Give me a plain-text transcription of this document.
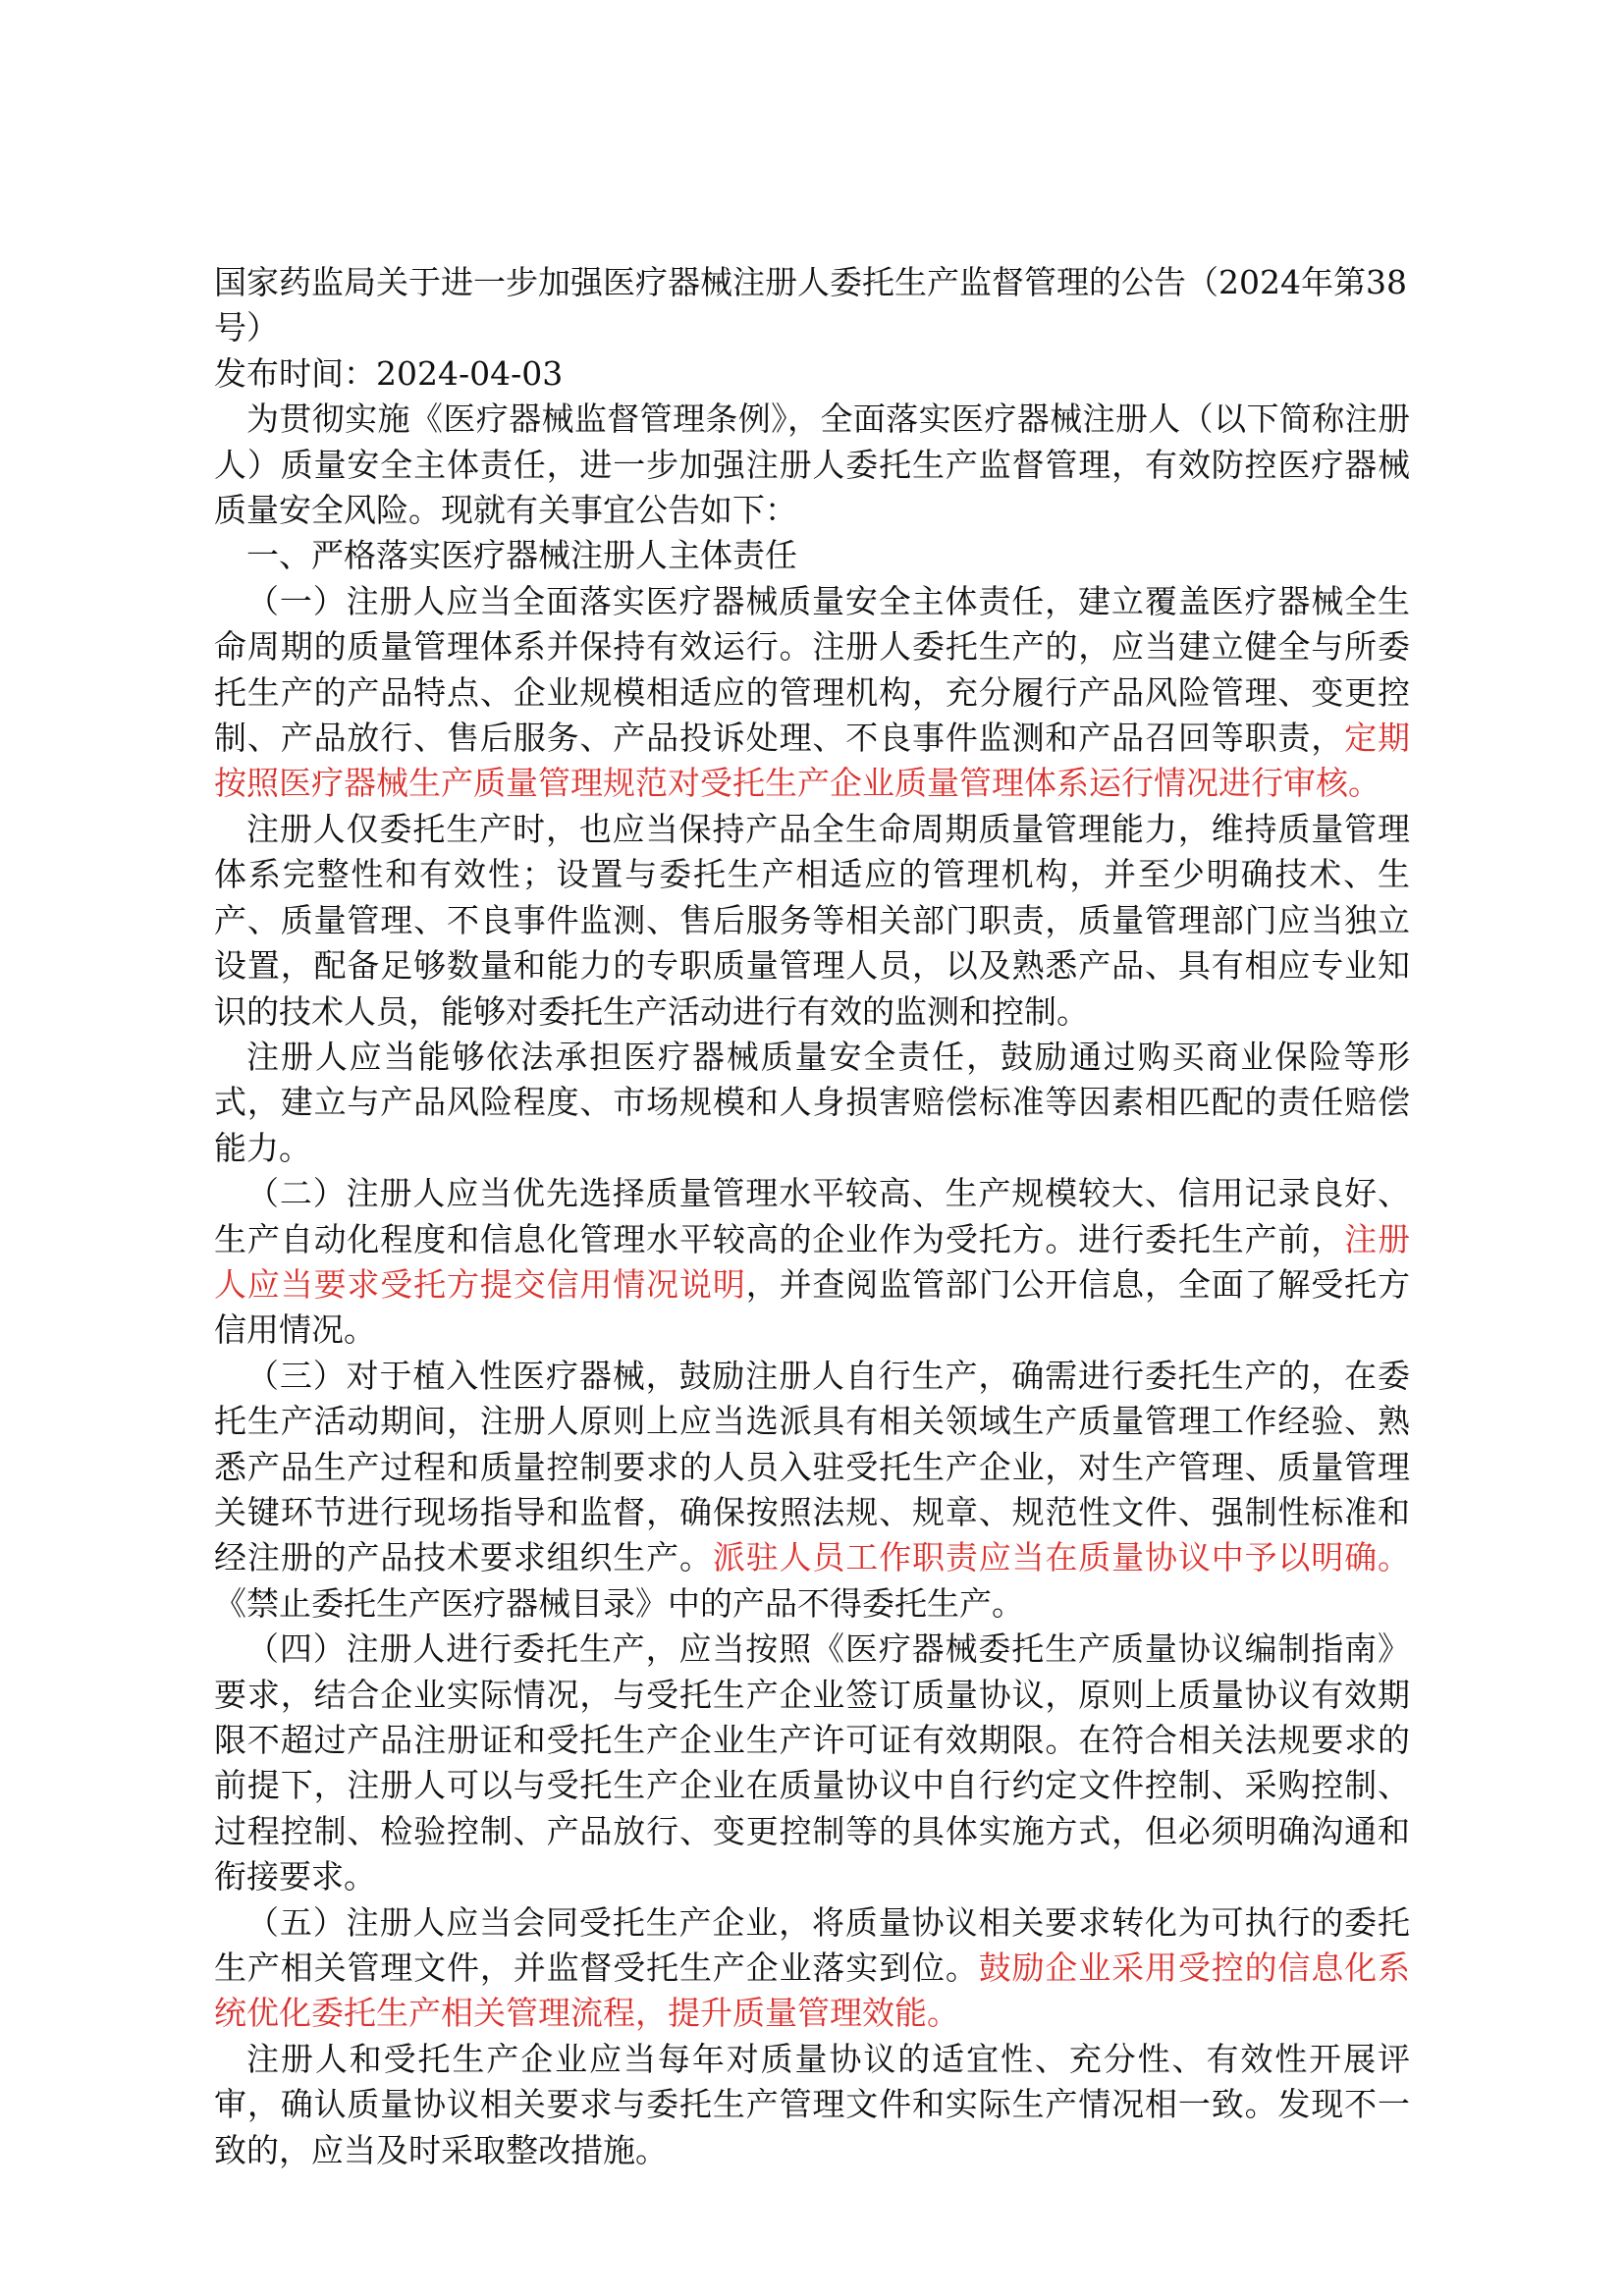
国家药监局关于进一步加强医疗器械注册人委托生产监督管理的公告（2024年第38号）

发布时间：2024-04-03

为贯彻实施《医疗器械监督管理条例》，全面落实医疗器械注册人（以下简称注册人）质量安全主体责任，进一步加强注册人委托生产监督管理，有效防控医疗器械质量安全风险。现就有关事宜公告如下：

一、严格落实医疗器械注册人主体责任

（一）注册人应当全面落实医疗器械质量安全主体责任，建立覆盖医疗器械全生命周期的质量管理体系并保持有效运行。注册人委托生产的，应当建立健全与所委托生产的产品特点、企业规模相适应的管理机构，充分履行产品风险管理、变更控制、产品放行、售后服务、产品投诉处理、不良事件监测和产品召回等职责，定期按照医疗器械生产质量管理规范对受托生产企业质量管理体系运行情况进行审核。

注册人仅委托生产时，也应当保持产品全生命周期质量管理能力，维持质量管理体系完整性和有效性；设置与委托生产相适应的管理机构，并至少明确技术、生产、质量管理、不良事件监测、售后服务等相关部门职责，质量管理部门应当独立设置，配备足够数量和能力的专职质量管理人员，以及熟悉产品、具有相应专业知识的技术人员，能够对委托生产活动进行有效的监测和控制。

注册人应当能够依法承担医疗器械质量安全责任，鼓励通过购买商业保险等形式，建立与产品风险程度、市场规模和人身损害赔偿标准等因素相匹配的责任赔偿能力。

（二）注册人应当优先选择质量管理水平较高、生产规模较大、信用记录良好、生产自动化程度和信息化管理水平较高的企业作为受托方。进行委托生产前，注册人应当要求受托方提交信用情况说明，并查阅监管部门公开信息，全面了解受托方信用情况。

（三）对于植入性医疗器械，鼓励注册人自行生产，确需进行委托生产的，在委托生产活动期间，注册人原则上应当选派具有相关领域生产质量管理工作经验、熟悉产品生产过程和质量控制要求的人员入驻受托生产企业，对生产管理、质量管理关键环节进行现场指导和监督，确保按照法规、规章、规范性文件、强制性标准和经注册的产品技术要求组织生产。派驻人员工作职责应当在质量协议中予以明确。《禁止委托生产医疗器械目录》中的产品不得委托生产。

（四）注册人进行委托生产，应当按照《医疗器械委托生产质量协议编制指南》要求，结合企业实际情况，与受托生产企业签订质量协议，原则上质量协议有效期限不超过产品注册证和受托生产企业生产许可证有效期限。在符合相关法规要求的前提下，注册人可以与受托生产企业在质量协议中自行约定文件控制、采购控制、过程控制、检验控制、产品放行、变更控制等的具体实施方式，但必须明确沟通和衔接要求。

（五）注册人应当会同受托生产企业，将质量协议相关要求转化为可执行的委托生产相关管理文件，并监督受托生产企业落实到位。鼓励企业采用受控的信息化系统优化委托生产相关管理流程，提升质量管理效能。

注册人和受托生产企业应当每年对质量协议的适宜性、充分性、有效性开展评审，确认质量协议相关要求与委托生产管理文件和实际生产情况相一致。发现不一致的，应当及时采取整改措施。
